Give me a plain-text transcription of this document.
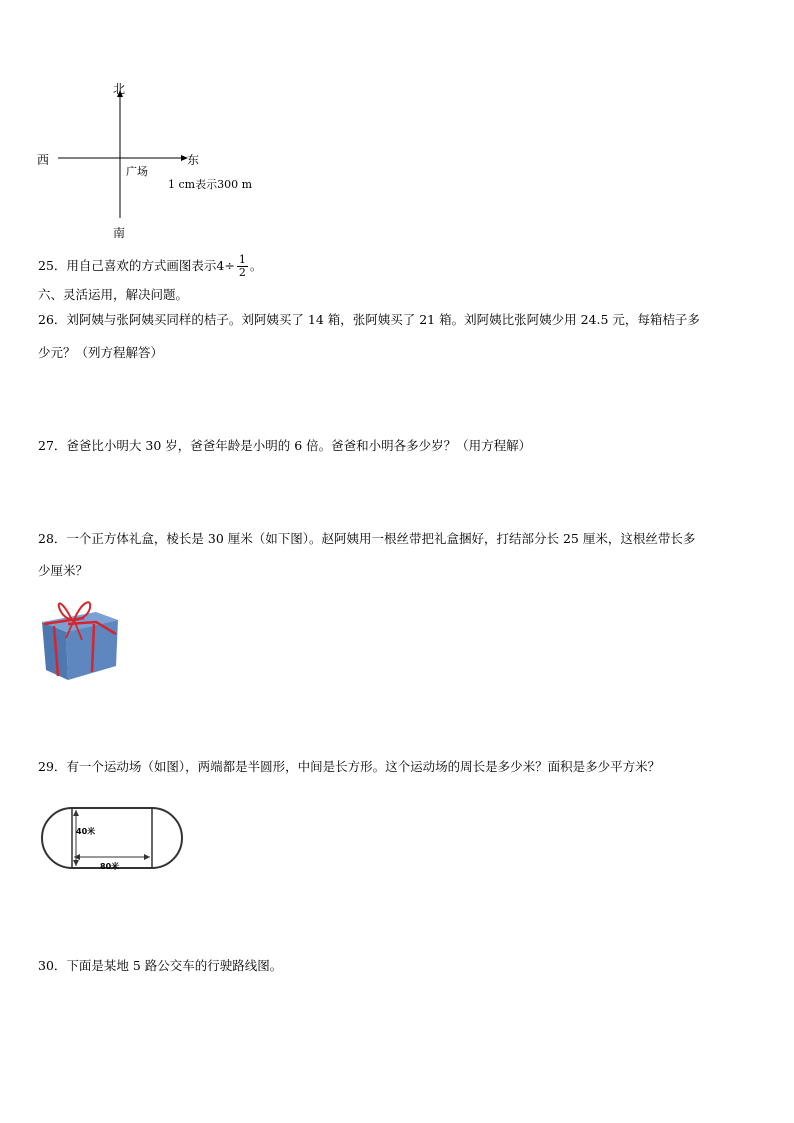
北
南
西	东
广场
1 cm表示300 m
25．用自己喜欢的方式画图表示$4\div \frac{1}{2}$ 。
六、灵活运用，解决问题。
26．刘阿姨与张阿姨买同样的桔子。刘阿姨买了 14 箱，张阿姨买了 21 箱。刘阿姨比张阿姨少用 24.5 元，每箱桔子多
少元？（列方程解答）
27．爸爸比小明大 30 岁，爸爸年龄是小明的 6 倍。爸爸和小明各多少岁？（用方程解）
28．一个正方体礼盒，棱长是 30 厘米（如下图）。赵阿姨用一根丝带把礼盒捆好，打结部分长 25 厘米，这根丝带长多
少厘米？
29．有一个运动场（如图），两端都是半圆形，中间是长方形。这个运动场的周长是多少米？面积是多少平方米？
40米
80米
30．下面是某地 5 路公交车的行驶路线图。
